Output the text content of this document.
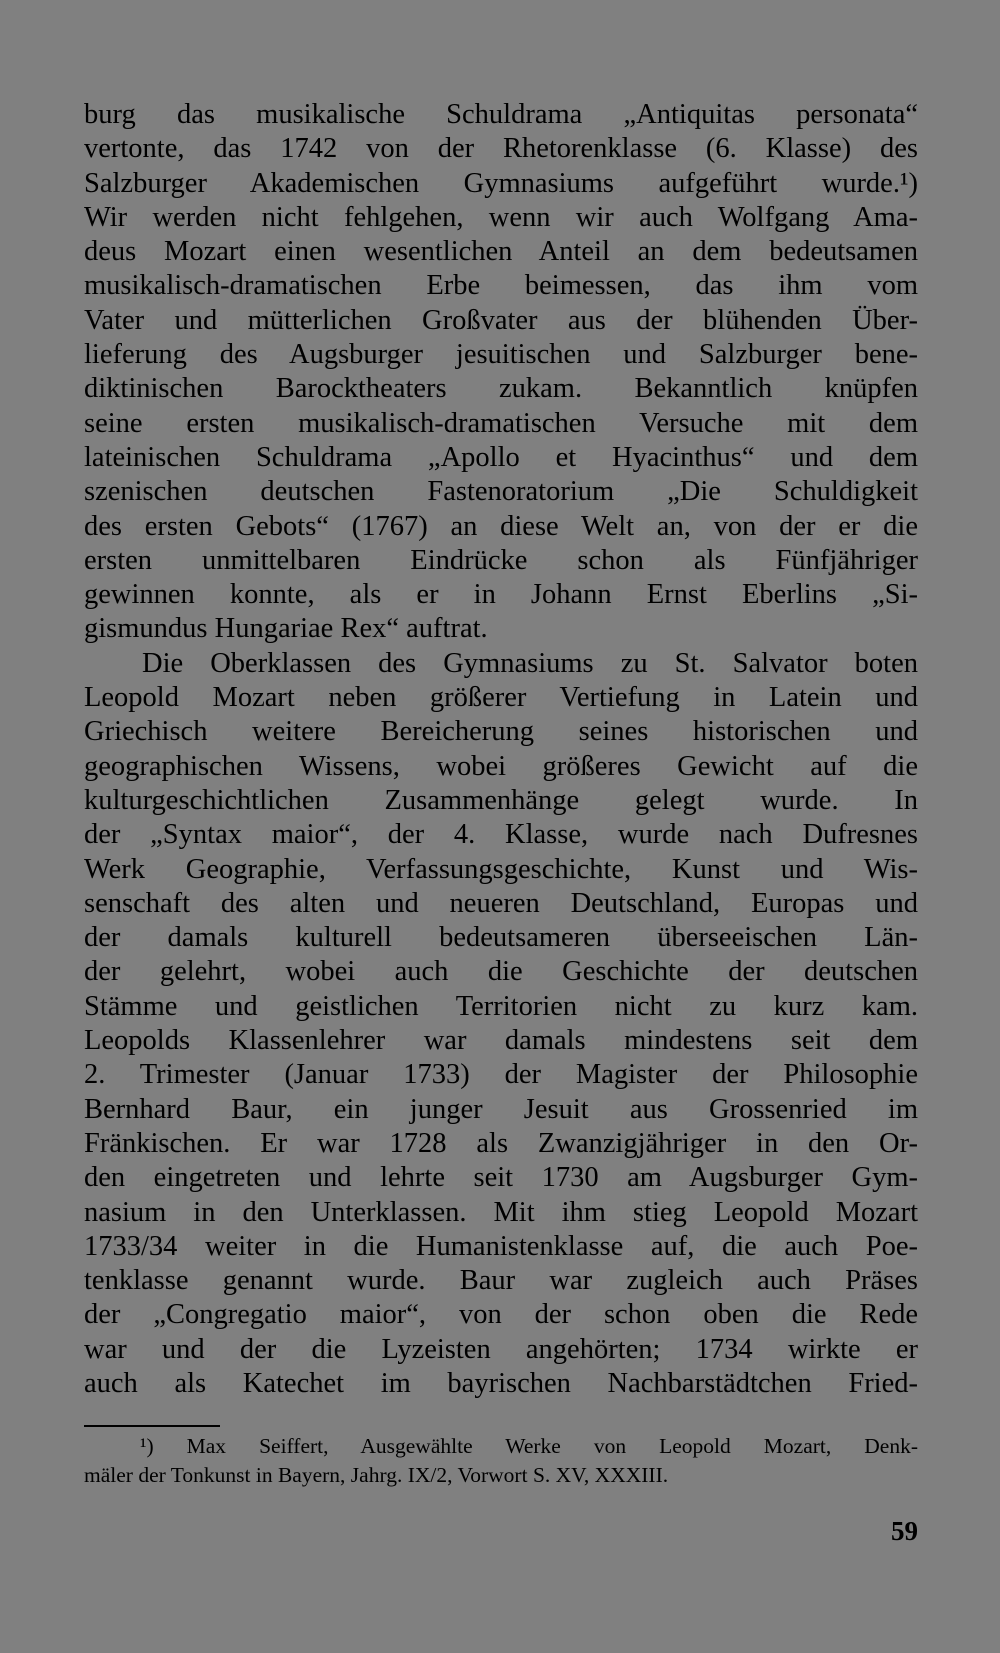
burg das musikalische Schuldrama „Antiquitas personata“
vertonte, das 1742 von der Rhetorenklasse (6. Klasse) des
Salzburger Akademischen Gymnasiums aufgeführt wurde.¹)
Wir werden nicht fehlgehen, wenn wir auch Wolfgang Ama-
deus Mozart einen wesentlichen Anteil an dem bedeutsamen
musikalisch-dramatischen Erbe beimessen, das ihm vom
Vater und mütterlichen Großvater aus der blühenden Über-
lieferung des Augsburger jesuitischen und Salzburger bene-
diktinischen Barocktheaters zukam. Bekanntlich knüpfen
seine ersten musikalisch-dramatischen Versuche mit dem
lateinischen Schuldrama „Apollo et Hyacinthus“ und dem
szenischen deutschen Fastenoratorium „Die Schuldigkeit
des ersten Gebots“ (1767) an diese Welt an, von der er die
ersten unmittelbaren Eindrücke schon als Fünfjähriger
gewinnen konnte, als er in Johann Ernst Eberlins „Si-
gismundus Hungariae Rex“ auftrat.
Die Oberklassen des Gymnasiums zu St. Salvator boten
Leopold Mozart neben größerer Vertiefung in Latein und
Griechisch weitere Bereicherung seines historischen und
geographischen Wissens, wobei größeres Gewicht auf die
kulturgeschichtlichen Zusammenhänge gelegt wurde. In
der „Syntax maior“, der 4. Klasse, wurde nach Dufresnes
Werk Geographie, Verfassungsgeschichte, Kunst und Wis-
senschaft des alten und neueren Deutschland, Europas und
der damals kulturell bedeutsameren überseeischen Län-
der gelehrt, wobei auch die Geschichte der deutschen
Stämme und geistlichen Territorien nicht zu kurz kam.
Leopolds Klassenlehrer war damals mindestens seit dem
2. Trimester (Januar 1733) der Magister der Philosophie
Bernhard Baur, ein junger Jesuit aus Grossenried im
Fränkischen. Er war 1728 als Zwanzigjähriger in den Or-
den eingetreten und lehrte seit 1730 am Augsburger Gym-
nasium in den Unterklassen. Mit ihm stieg Leopold Mozart
1733/34 weiter in die Humanistenklasse auf, die auch Poe-
tenklasse genannt wurde. Baur war zugleich auch Präses
der „Congregatio maior“, von der schon oben die Rede
war und der die Lyzeisten angehörten; 1734 wirkte er
auch als Katechet im bayrischen Nachbarstädtchen Fried-
¹) Max Seiffert, Ausgewählte Werke von Leopold Mozart, Denk-
mäler der Tonkunst in Bayern, Jahrg. IX/2, Vorwort S. XV, XXXIII.
59
